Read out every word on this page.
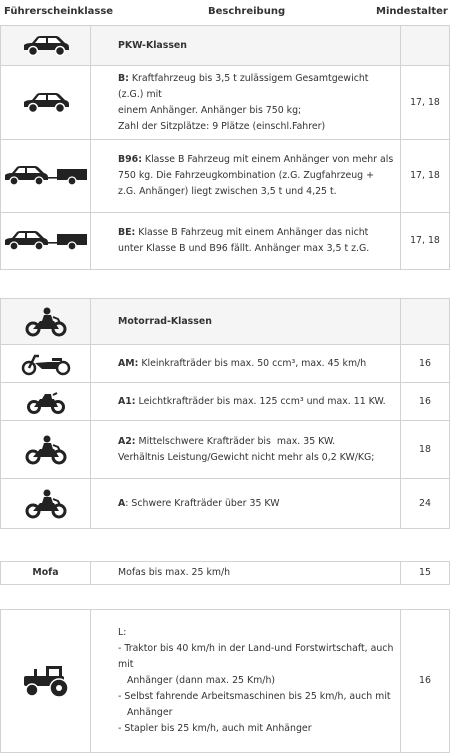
Führerscheinklasse	Beschreibung	Mindestalter
	PKW-Klassen	

	B: Kraftfahrzeug bis 3,5 t zulässigem Gesamtgewicht (z.G.) mit
einem Anhänger. Anhänger bis 750 kg;
Zahl der Sitzplätze: 9 Plätze (einschl.Fahrer)	17, 18

	B96: Klasse B Fahrzeug mit einem Anhänger von mehr als 750 kg. Die Fahrzeugkombination (z.G. Zugfahrzeug + z.G. Anhänger) liegt zwischen 3,5 t und 4,25 t.	17, 18

	BE: Klasse B Fahrzeug mit einem Anhänger das nicht unter Klasse B und B96 fällt. Anhänger max 3,5 t z.G.	17, 18
	Motorrad-Klassen	

	AM: Kleinkrafträder bis max. 50 ccm³, max. 45 km/h	16

	A1: Leichtkrafträder bis max. 125 ccm³ und max. 11 KW.	16

	A2: Mittelschwere Krafträder bis  max. 35 KW.
Verhältnis Leistung/Gewicht nicht mehr als 0,2 KW/KG;	18

	A: Schwere Krafträder über 35 KW	24
Mofa	Mofas bis max. 25 km/h	15
	L:
- Traktor bis 40 km/h in der Land-und Forstwirtschaft, auch mit
Anhänger (dann max. 25 Km/h)
- Selbst fahrende Arbeitsmaschinen bis 25 km/h, auch mit
Anhänger
- Stapler bis 25 km/h, auch mit Anhänger	16
